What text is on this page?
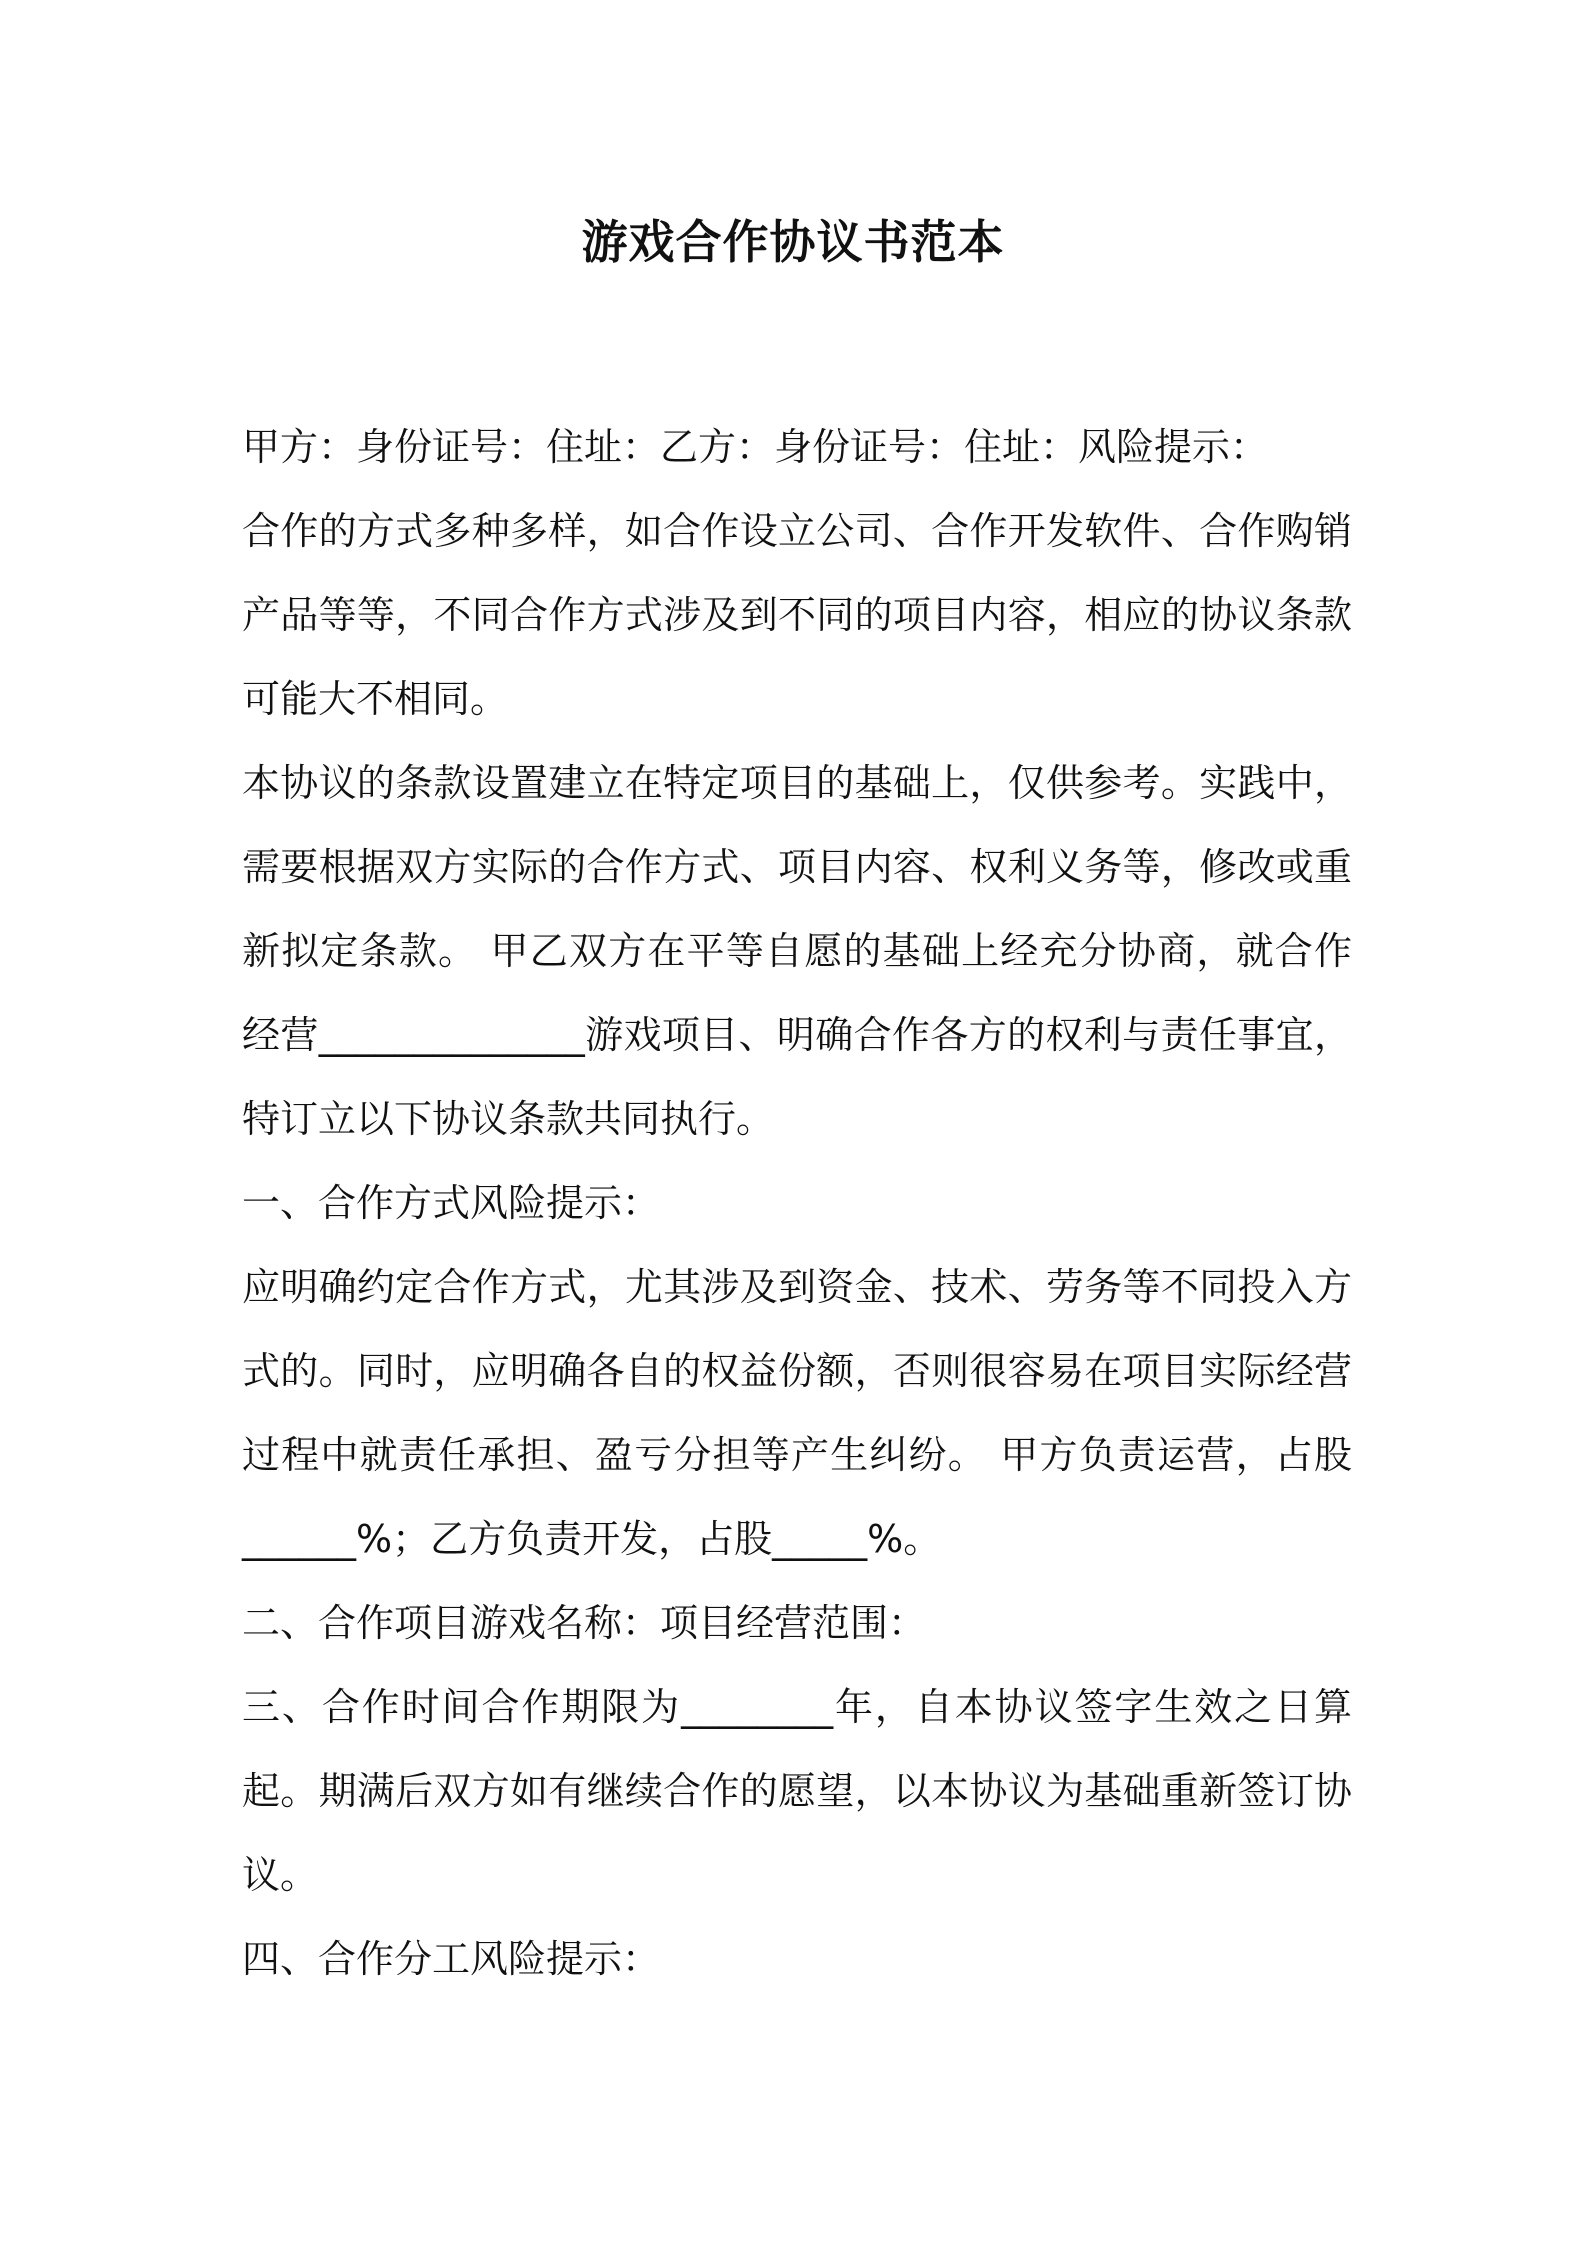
游戏合作协议书范本

甲方：身份证号：住址：乙方：身份证号：住址：风险提示：

合作的方式多种多样，如合作设立公司、合作开发软件、合作购销产品等等，不同合作方式涉及到不同的项目内容，相应的协议条款可能大不相同。

本协议的条款设置建立在特定项目的基础上，仅供参考。实践中，需要根据双方实际的合作方式、项目内容、权利义务等，修改或重新拟定条款。 甲乙双方在平等自愿的基础上经充分协商，就合作经营______________游戏项目、明确合作各方的权利与责任事宜，特订立以下协议条款共同执行。

一、合作方式风险提示：

应明确约定合作方式，尤其涉及到资金、技术、劳务等不同投入方式的。同时，应明确各自的权益份额，否则很容易在项目实际经营过程中就责任承担、盈亏分担等产生纠纷。 甲方负责运营，占股______%；乙方负责开发，占股_____%。

二、合作项目游戏名称：项目经营范围：

三、合作时间合作期限为________年，自本协议签字生效之日算起。期满后双方如有继续合作的愿望，以本协议为基础重新签订协议。

四、合作分工风险提示：
